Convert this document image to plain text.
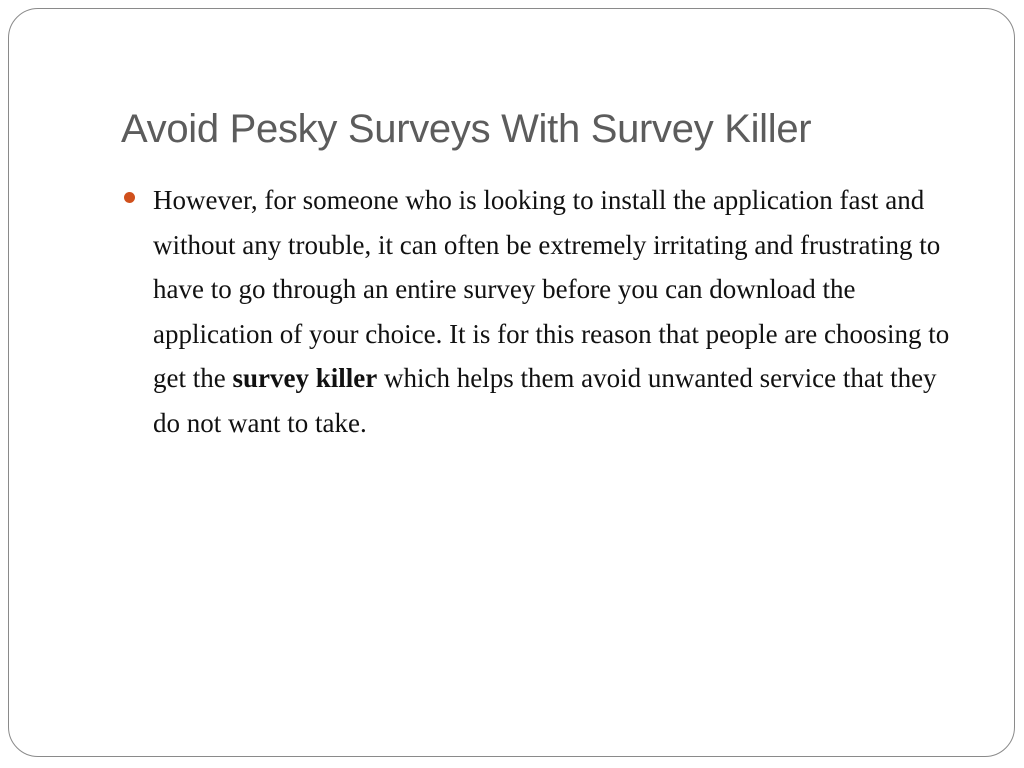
Avoid Pesky Surveys With Survey Killer
However, for someone who is looking to install the application fast and without any trouble, it can often be extremely irritating and frustrating to have to go through an entire survey before you can download the application of your choice. It is for this reason that people are choosing to get the survey killer which helps them avoid unwanted service that they do not want to take.
